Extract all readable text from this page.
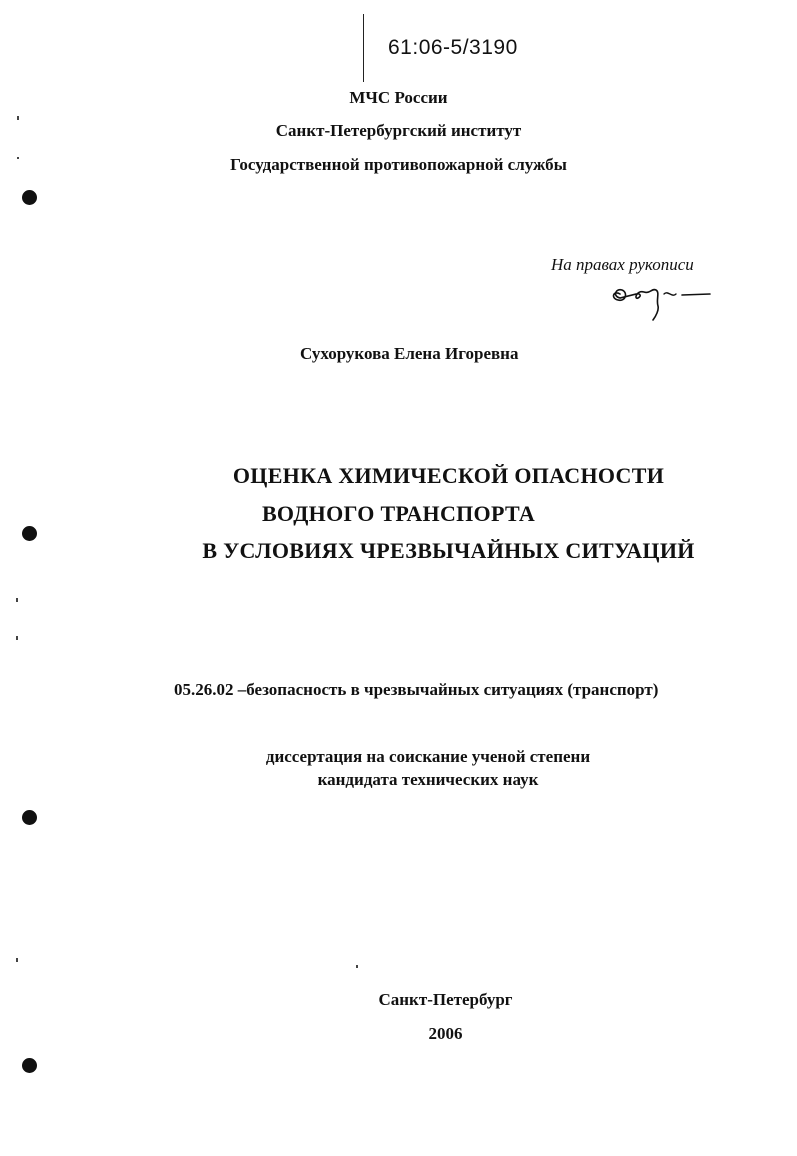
61:06-5/3190
МЧС России
Санкт-Петербургский институт
Государственной противопожарной службы
На правах рукописи
Сухорукова Елена Игоревна
ОЦЕНКА ХИМИЧЕСКОЙ ОПАСНОСТИ
ВОДНОГО ТРАНСПОРТА
В УСЛОВИЯХ ЧРЕЗВЫЧАЙНЫХ СИТУАЦИЙ
05.26.02 –безопасность в чрезвычайных ситуациях (транспорт)
диссертация на соискание ученой степени
кандидата технических наук
Санкт-Петербург
2006
